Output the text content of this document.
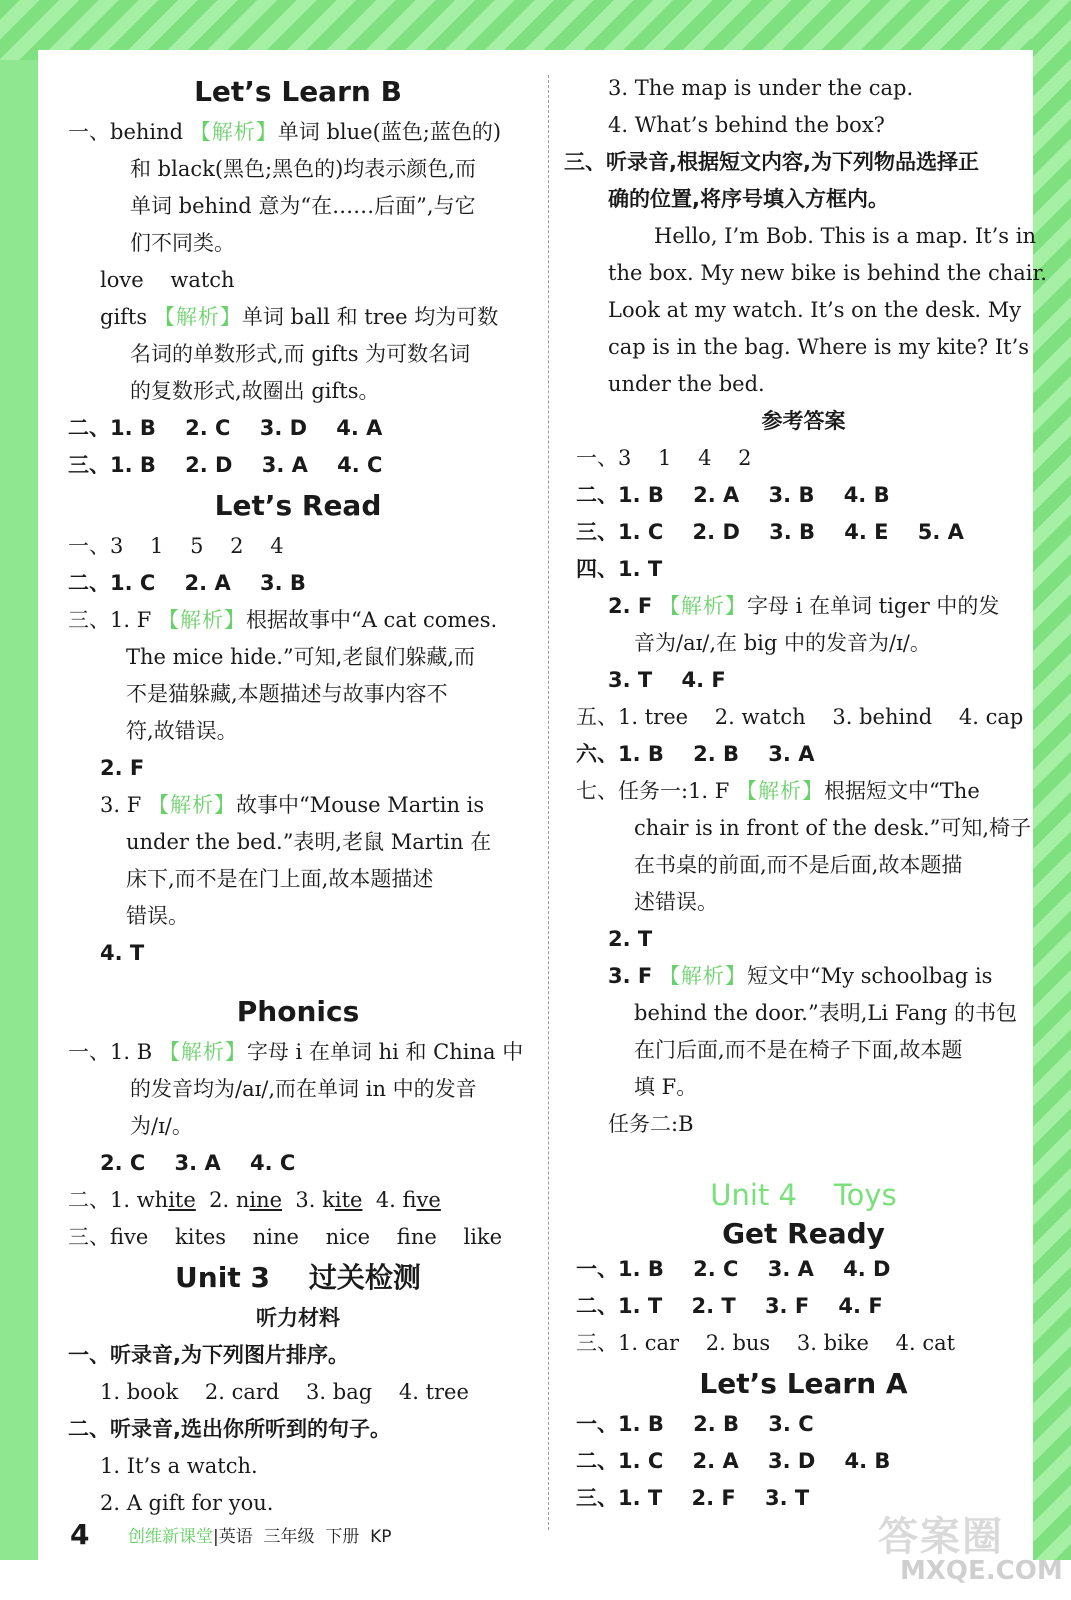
Let’s Learn B
一、behind 【解析】单词 blue(蓝色;蓝色的)
和 black(黑色;黑色的)均表示颜色,而
单词 behind 意为“在……后面”,与它
们不同类。
love    watch
gifts 【解析】单词 ball 和 tree 均为可数
名词的单数形式,而 gifts 为可数名词
的复数形式,故圈出 gifts。
二、1. B    2. C    3. D    4. A
三、1. B    2. D    3. A    4. C
Let’s Read
一、3    1    5    2    4
二、1. C    2. A    3. B
三、1. F 【解析】根据故事中“A cat comes.
The mice hide.”可知,老鼠们躲藏,而
不是猫躲藏,本题描述与故事内容不
符,故错误。
2. F
3. F 【解析】故事中“Mouse Martin is
under the bed.”表明,老鼠 Martin 在
床下,而不是在门上面,故本题描述
错误。
4. T
Phonics
一、1. B 【解析】字母 i 在单词 hi 和 China 中
的发音均为/aɪ/,而在单词 in 中的发音
为/ɪ/。
2. C    3. A    4. C
二、1. white  2. nine  3. kite  4. five
三、five    kites    nine    nice    fine    like
Unit 3    过关检测
听力材料
一、听录音,为下列图片排序。
1. book    2. card    3. bag    4. tree
二、听录音,选出你所听到的句子。
1. It’s a watch.
2. A gift for you.
3. The map is under the cap.
4. What’s behind the box?
三、听录音,根据短文内容,为下列物品选择正
确的位置,将序号填入方框内。
Hello, I’m Bob. This is a map. It’s in
the box. My new bike is behind the chair.
Look at my watch. It’s on the desk. My
cap is in the bag. Where is my kite? It’s
under the bed.
参考答案
一、3    1    4    2
二、1. B    2. A    3. B    4. B
三、1. C    2. D    3. B    4. E    5. A
四、1. T
2. F 【解析】字母 i 在单词 tiger 中的发
音为/aɪ/,在 big 中的发音为/ɪ/。
3. T    4. F
五、1. tree    2. watch    3. behind    4. cap
六、1. B    2. B    3. A
七、任务一:1. F 【解析】根据短文中“The
chair is in front of the desk.”可知,椅子
在书桌的前面,而不是后面,故本题描
述错误。
2. T
3. F 【解析】短文中“My schoolbag is
behind the door.”表明,Li Fang 的书包
在门后面,而不是在椅子下面,故本题
填 F。
任务二:B
Unit 4    Toys
Get Ready
一、1. B    2. C    3. A    4. D
二、1. T    2. T    3. F    4. F
三、1. car    2. bus    3. bike    4. cat
Let’s Learn A
一、1. B    2. B    3. C
二、1. C    2. A    3. D    4. B
三、1. T    2. F    3. T
4 创维新课堂|英语  三年级  下册  KP	答案圈
MXQE.COM
